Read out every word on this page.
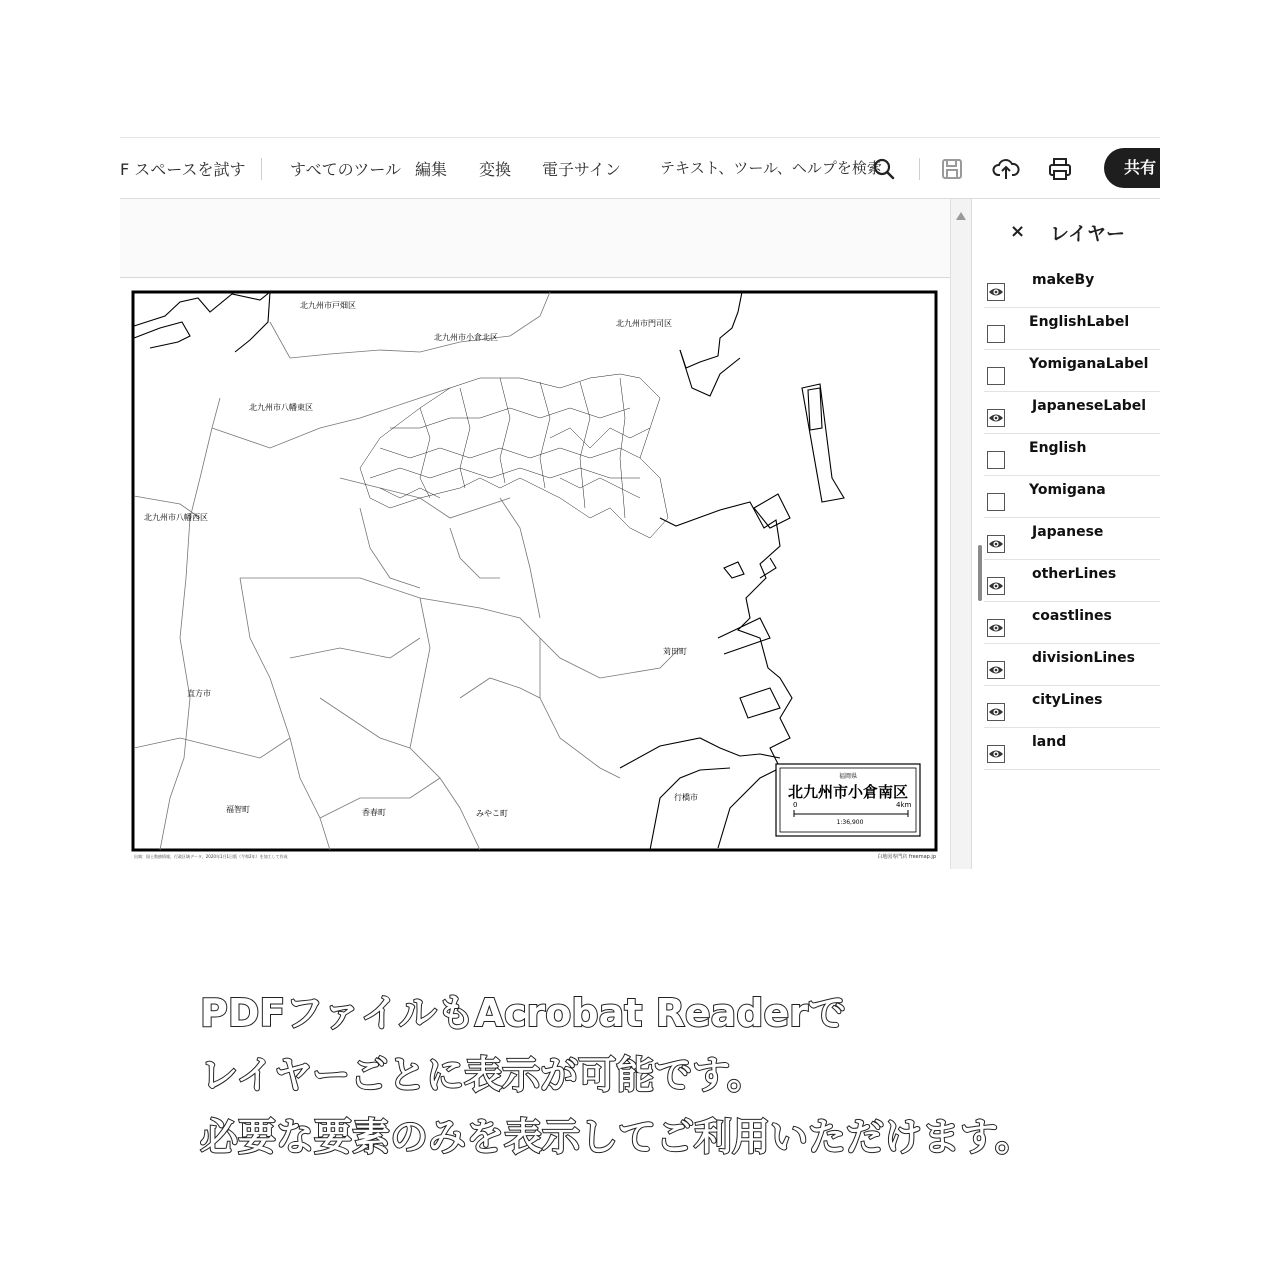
F スペースを試す	すべてのツール 編集 変換 電子サイン	テキスト、ツール、ヘルプを検索	共有
北九州市戸畑区
北九州市小倉北区
北九州市門司区
北九州市八幡東区
北九州市八幡西区
苅田町
直方市
福智町	香春町	みやこ町
行橋市
福岡県
北九州市小倉南区
0	4km
1:36,900
出典：国土数値情報、行政区域データ、2020年1月1日版（令和2年）を加工して作成	白地図専門店 freemap.jp
× レイヤー
makeBy
EnglishLabel
YomiganaLabel
JapaneseLabel
English
Yomigana
Japanese
otherLines
coastlines
divisionLines
cityLines
land
PDFファイルもAcrobat Readerで
レイヤーごとに表示が可能です。
必要な要素のみを表示してご利用いただけます。
